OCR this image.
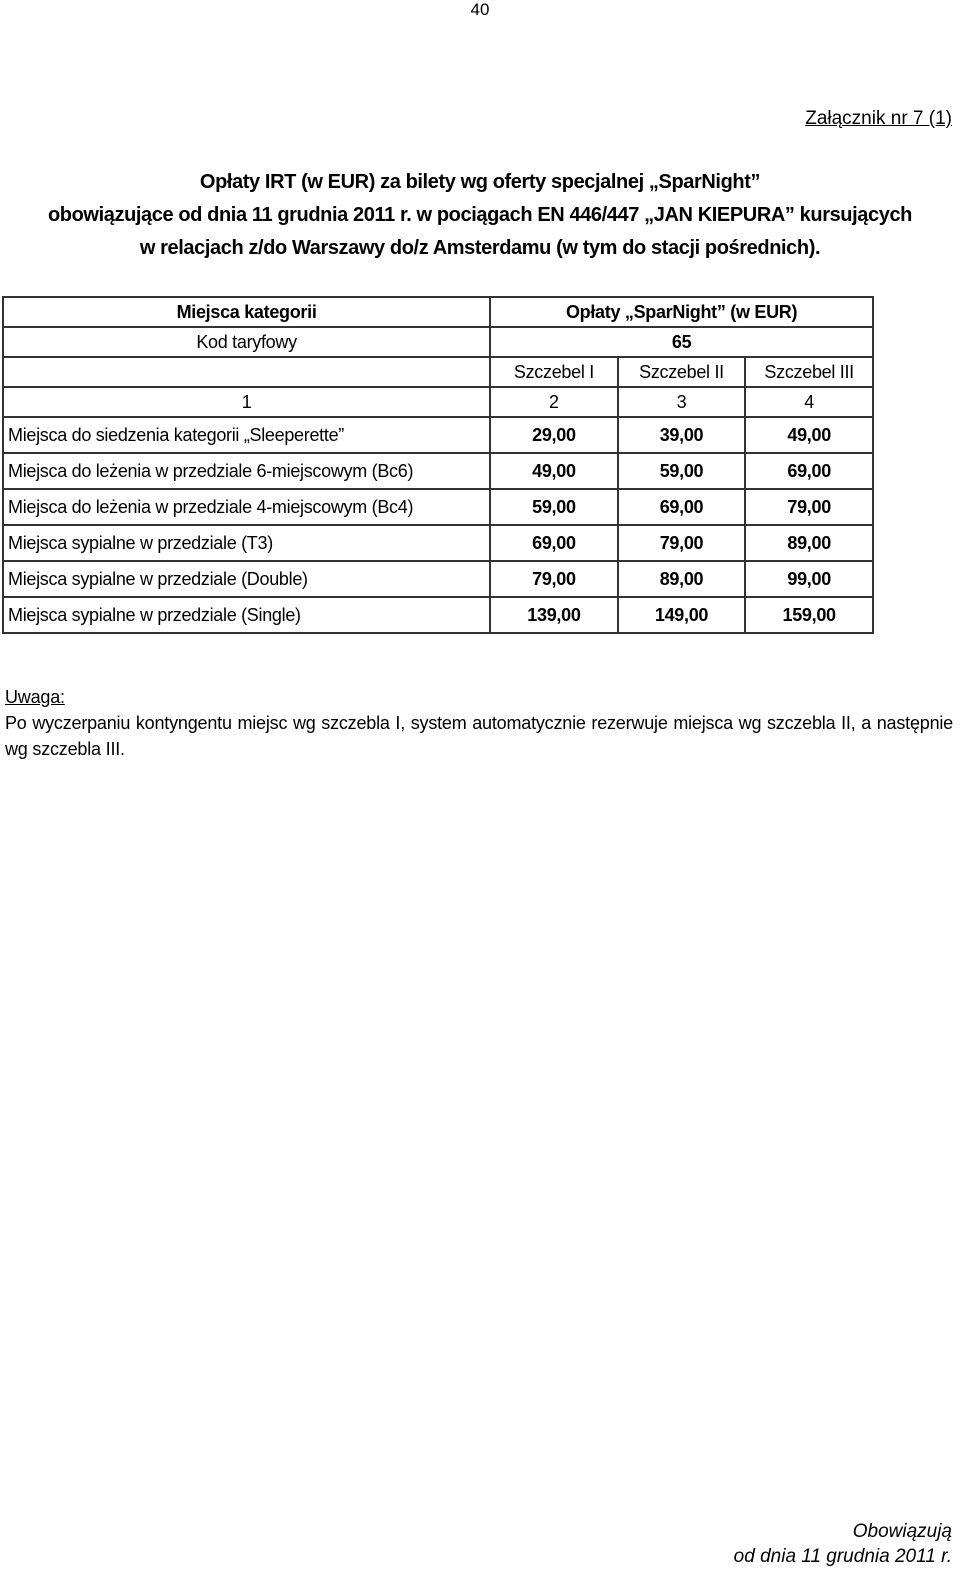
40
Załącznik nr 7 (1)
Opłaty IRT (w EUR) za bilety wg oferty specjalnej „SparNight”
obowiązujące od dnia 11 grudnia 2011 r. w pociągach EN 446/447 „JAN KIEPURA” kursujących
w relacjach z/do Warszawy do/z Amsterdamu (w tym do stacji pośrednich).
Miejsca kategorii	Opłaty „SparNight” (w EUR)		
Kod taryfowy	65		
	Szczebel I	Szczebel II	Szczebel III
1	2	3	4
Miejsca do siedzenia kategorii „Sleeperette”	29,00	39,00	49,00
Miejsca do leżenia w przedziale 6-miejscowym (Bc6)	49,00	59,00	69,00
Miejsca do leżenia w przedziale 4-miejscowym (Bc4)	59,00	69,00	79,00
Miejsca sypialne w przedziale (T3)	69,00	79,00	89,00
Miejsca sypialne w przedziale (Double)	79,00	89,00	99,00
Miejsca sypialne w przedziale (Single)	139,00	149,00	159,00
Uwaga:
Po wyczerpaniu kontyngentu miejsc wg szczebla I, system automatycznie rezerwuje miejsca wg szczebla II, a następnie wg szczebla III.
Obowiązują
od dnia 11 grudnia 2011 r.
